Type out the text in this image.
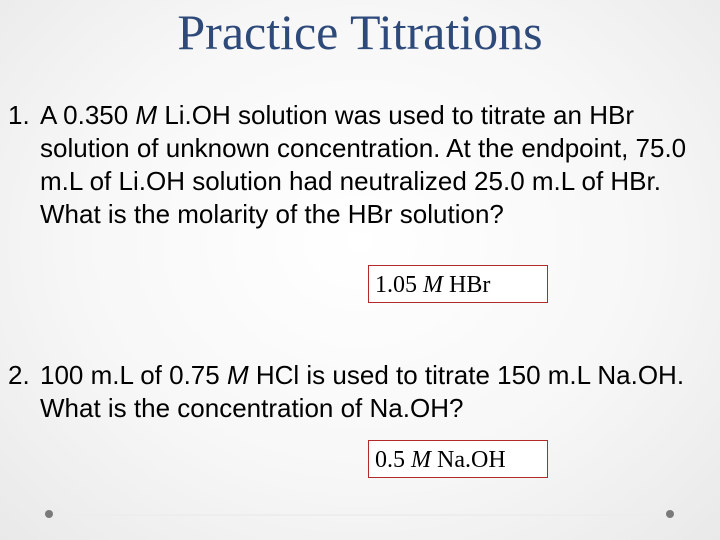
Practice Titrations
1. A 0.350 M Li.OH solution was used to titrate an HBr solution of unknown concentration. At the endpoint, 75.0 m.L of Li.OH solution had neutralized 25.0 m.L of HBr. What is the molarity of the HBr solution?
1.05 M HBr
2. 100 m.L of 0.75 M HCl is used to titrate 150 m.L Na.OH. What is the concentration of Na.OH?
0.5 M Na.OH
